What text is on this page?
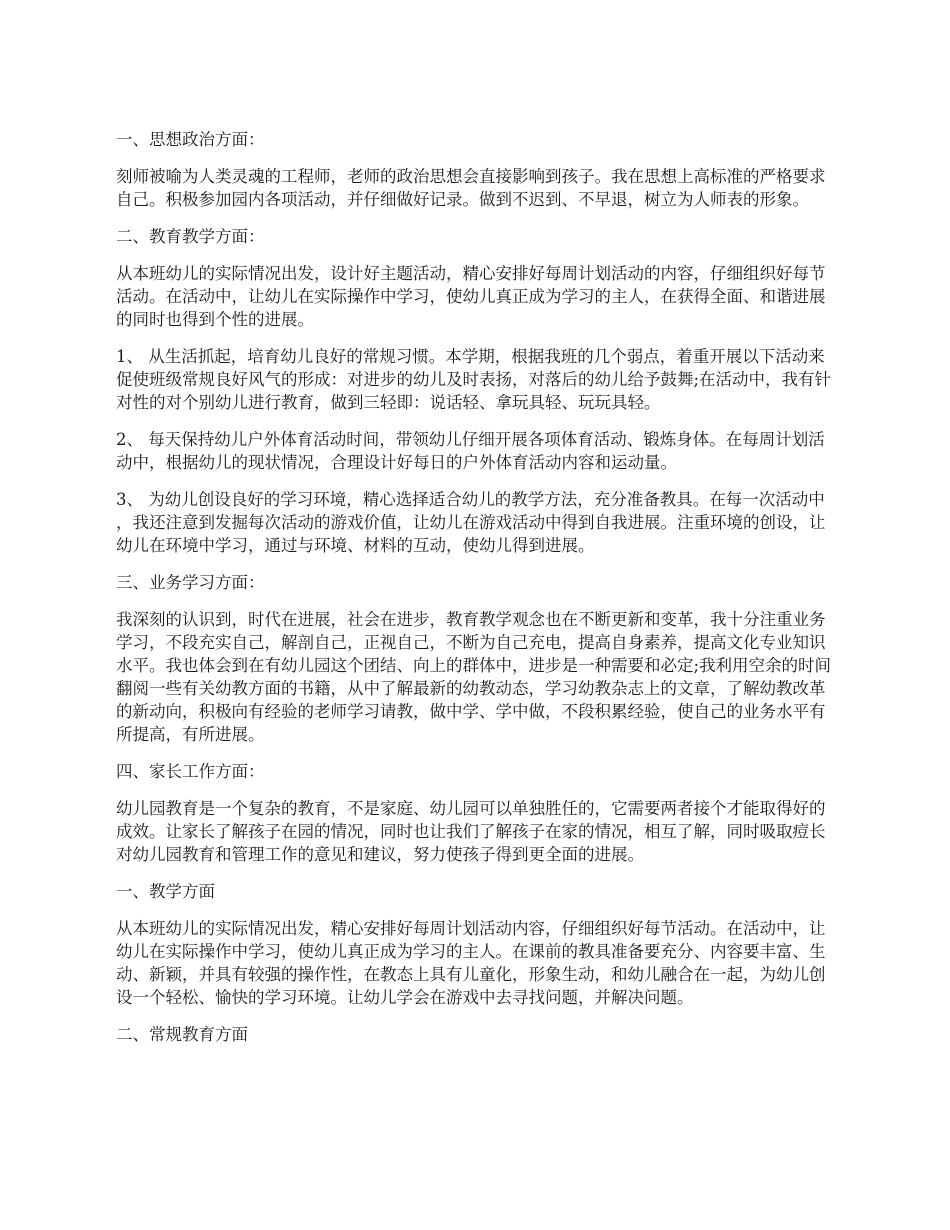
一、思想政治方面：
刻师被喻为人类灵魂的工程师，老师的政治思想会直接影响到孩子。我在思想上高标准的严格要求自己。积极参加园内各项活动，并仔细做好记录。做到不迟到、不早退，树立为人师表的形象。
二、教育教学方面：
从本班幼儿的实际情况出发，设计好主题活动，精心安排好每周计划活动的内容，仔细组织好每节活动。在活动中，让幼儿在实际操作中学习，使幼儿真正成为学习的主人，在获得全面、和谐进展的同时也得到个性的进展。
1、 从生活抓起，培育幼儿良好的常规习惯。本学期，根据我班的几个弱点，着重开展以下活动来促使班级常规良好风气的形成：对进步的幼儿及时表扬，对落后的幼儿给予鼓舞;在活动中，我有针对性的对个别幼儿进行教育，做到三轻即：说话轻、拿玩具轻、玩玩具轻。
2、 每天保持幼儿户外体育活动时间，带领幼儿仔细开展各项体育活动、锻炼身体。在每周计划活动中，根据幼儿的现状情况，合理设计好每日的户外体育活动内容和运动量。
3、 为幼儿创设良好的学习环境，精心选择适合幼儿的教学方法，充分准备教具。在每一次活动中，我还注意到发掘每次活动的游戏价值，让幼儿在游戏活动中得到自我进展。注重环境的创设，让幼儿在环境中学习，通过与环境、材料的互动，使幼儿得到进展。
三、业务学习方面：
我深刻的认识到，时代在进展，社会在进步，教育教学观念也在不断更新和变革，我十分注重业务学习，不段充实自己，解剖自己，正视自己，不断为自己充电，提高自身素养，提高文化专业知识水平。我也体会到在有幼儿园这个团结、向上的群体中，进步是一种需要和必定;我利用空余的时间翻阅一些有关幼教方面的书籍，从中了解最新的幼教动态，学习幼教杂志上的文章，了解幼教改革的新动向，积极向有经验的老师学习请教，做中学、学中做，不段积累经验，使自己的业务水平有所提高，有所进展。
四、家长工作方面：
幼儿园教育是一个复杂的教育，不是家庭、幼儿园可以单独胜任的，它需要两者接个才能取得好的成效。让家长了解孩子在园的情况，同时也让我们了解孩子在家的情况，相互了解，同时吸取痘长对幼儿园教育和管理工作的意见和建议，努力使孩子得到更全面的进展。
一、教学方面
从本班幼儿的实际情况出发，精心安排好每周计划活动内容，仔细组织好每节活动。在活动中，让幼儿在实际操作中学习，使幼儿真正成为学习的主人。在课前的教具准备要充分、内容要丰富、生动、新颖，并具有较强的操作性，在教态上具有儿童化，形象生动，和幼儿融合在一起，为幼儿创设一个轻松、愉快的学习环境。让幼儿学会在游戏中去寻找问题，并解决问题。
二、常规教育方面
